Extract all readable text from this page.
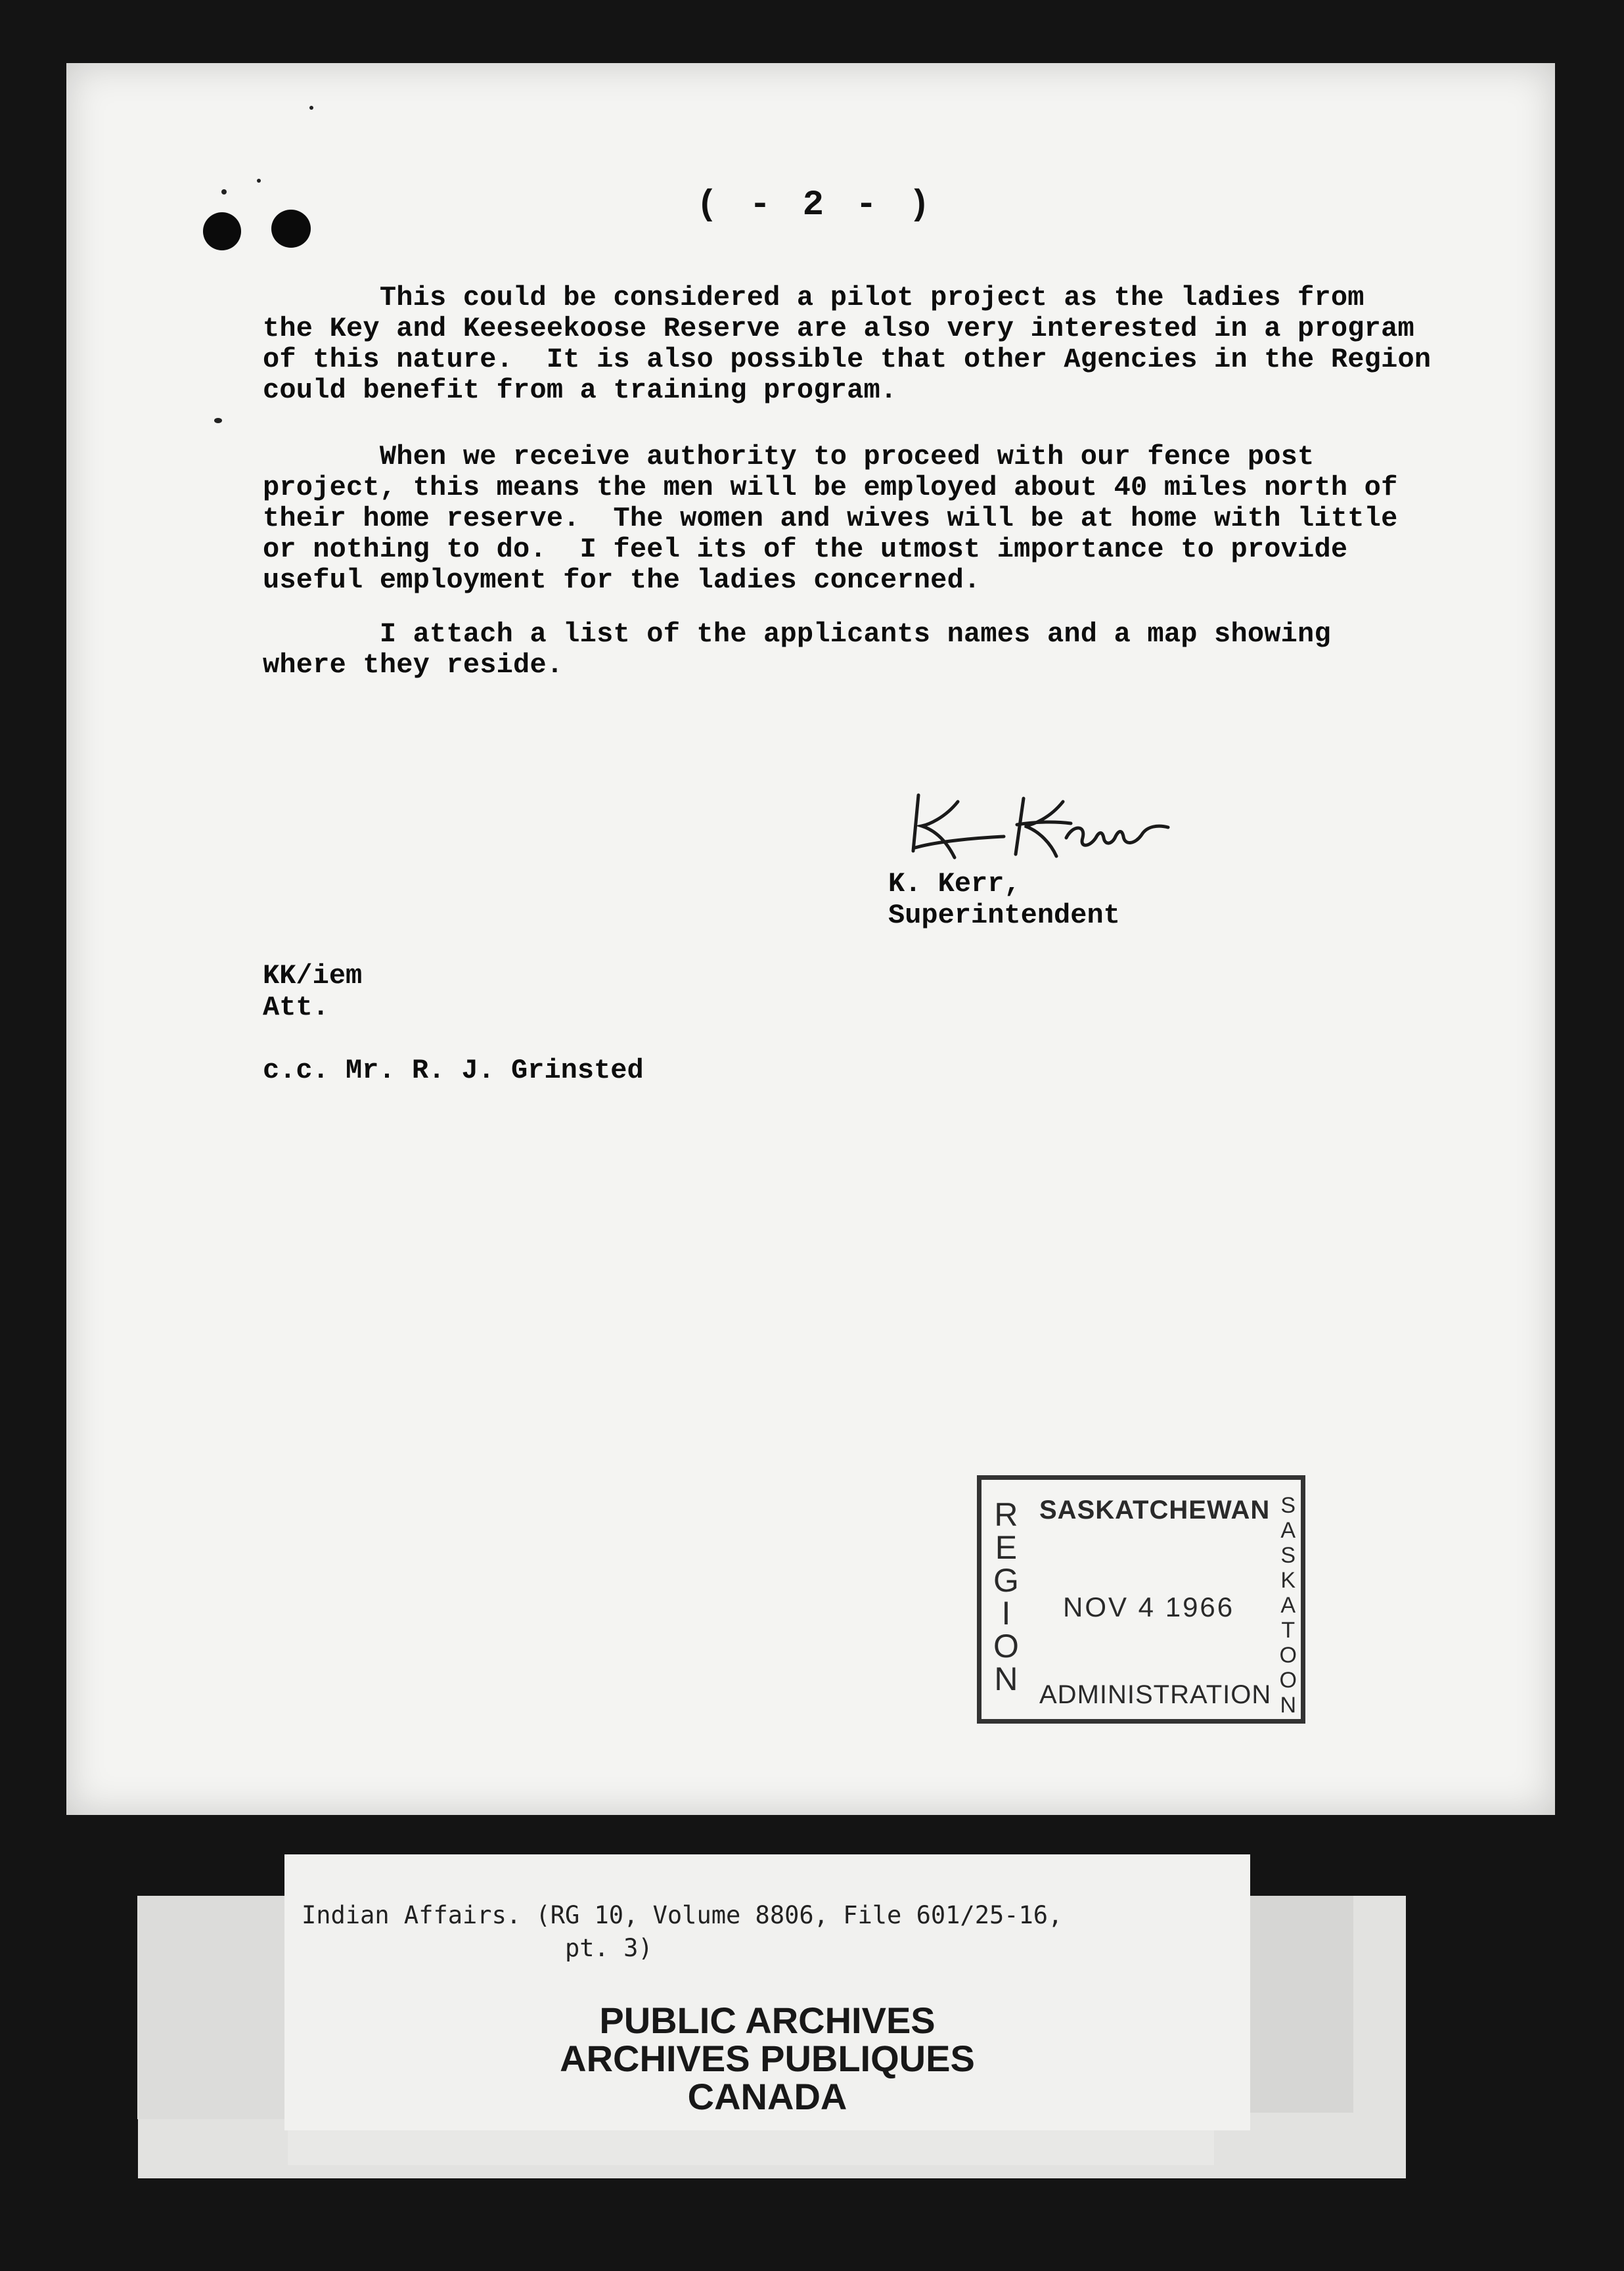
( - 2 - )

This could be considered a pilot project as the ladies from
the Key and Keeseekoose Reserve are also very interested in a program
of this nature.  It is also possible that other Agencies in the
could benefit from a training program.

When we receive authority to proceed with our fence post
project, this means the men will be employed about 40 miles north
their home reserve.  The women and wives will be at home with little
or nothing to do.  I feel its of the utmost importance to provide
useful employment for the ladies concerned.

I attach a list of the applicants names and a map showing
where they reside.

K. Kerr,

Superintendent

KK/iem

Att.

c.c. Mr. R. J. Grinsted

R
E
G
I
O
N

SASKATCHEWAN

NOV 4 1966

ADMINISTRATION

S
A
S
K
A
T
O
O
N

Indian Affairs. (RG 10, Volume 8806, File 601/25-16,
pt. 3)

PUBLIC ARCHIVES

ARCHIVES PUBLIQUES

CANADA
